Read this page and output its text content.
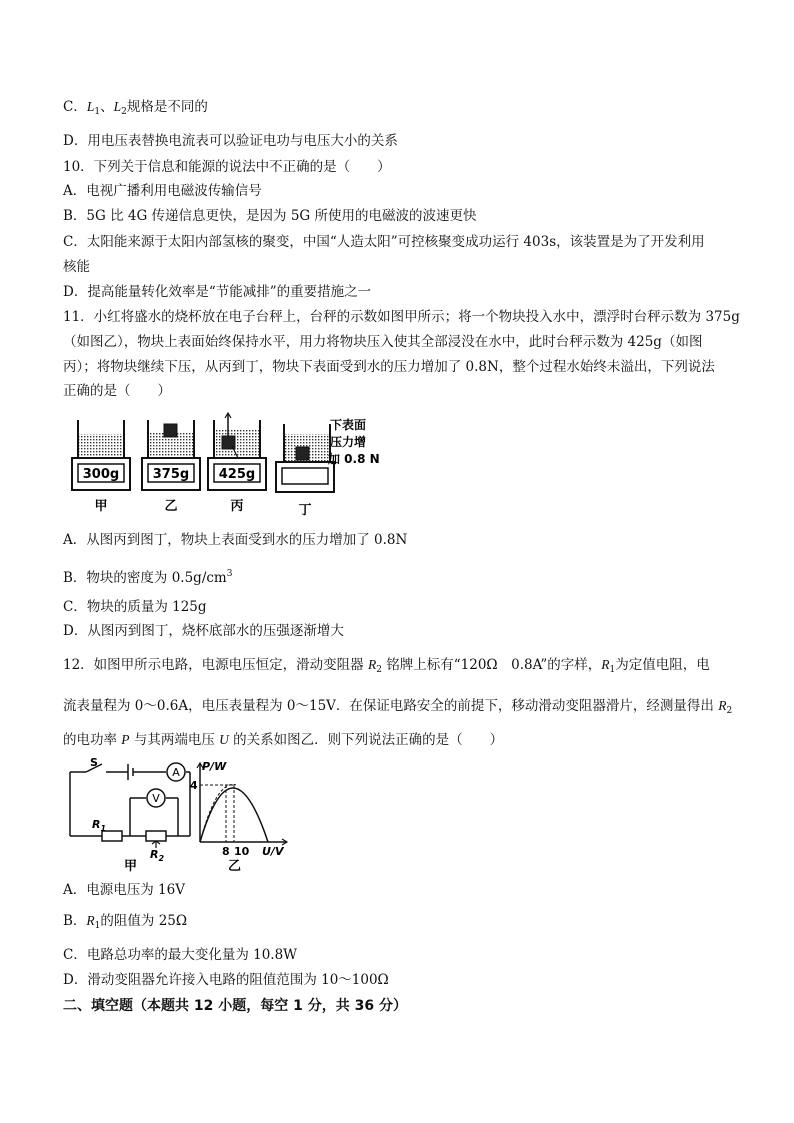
C．$L_1$、$L_2$规格是不同的
D．用电压表替换电流表可以验证电功与电压大小的关系
10．下列关于信息和能源的说法中不正确的是（　　）
A．电视广播利用电磁波传输信号
B．5G 比 4G 传递信息更快，是因为 5G 所使用的电磁波的波速更快
C．太阳能来源于太阳内部氢核的聚变，中国“人造太阳”可控核聚变成功运行 403s，该装置是为了开发利用
核能
D．提高能量转化效率是“节能减排”的重要措施之一
11．小红将盛水的烧杯放在电子台秤上，台秤的示数如图甲所示；将一个物块投入水中，漂浮时台秤示数为 375g
（如图乙），物块上表面始终保持水平，用力将物块压入使其全部浸没在水中，此时台秤示数为 425g（如图
丙）；将物块继续下压，从丙到丁，物块下表面受到水的压力增加了 0.8N，整个过程水始终未溢出，下列说法
正确的是（　　）
300g
甲
375g
乙
425g
丙	丁
下表面
压力增
加 0.8 N
A．从图丙到图丁，物块上表面受到水的压力增加了 0.8N
B．物块的密度为 $0.5g/cm^3$
C．物块的质量为 125g
D．从图丙到图丁，烧杯底部水的压强逐渐增大
12．如图甲所示电路，电源电压恒定，滑动变阻器 $R_2$ 铭牌上标有“120Ω　0.8A”的字样，$R_1$为定值电阻，电
流表量程为 0～0.6A，电压表量程为 0～15V．在保证电路安全的前提下，移动滑动变阻器滑片，经测量得出 $R_2$
的电功率 P 与其两端电压 U 的关系如图乙．则下列说法正确的是（　　）
A
V
S
$R_1$
$R_2$
甲
P/W
4
8 10 U/V
乙
A．电源电压为 16V
B．$R_1$的阻值为 25Ω
C．电路总功率的最大变化量为 10.8W
D．滑动变阻器允许接入电路的阻值范围为 10～100Ω
二、填空题（本题共 12 小题，每空 1 分，共 36 分）
